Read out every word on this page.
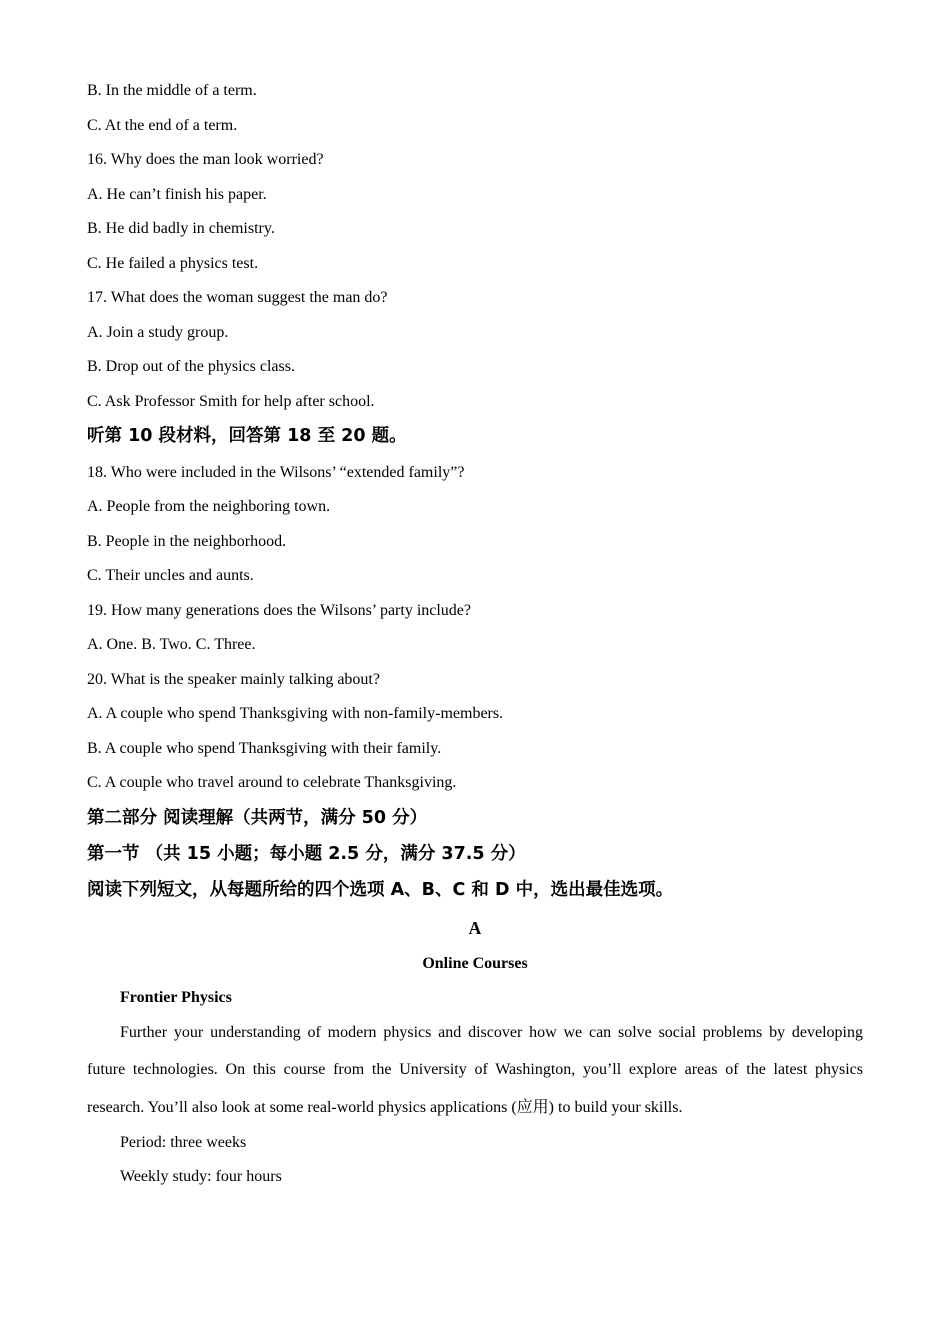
B. In the middle of a term.
C. At the end of a term.
16. Why does the man look worried?
A. He can’t finish his paper.
B. He did badly in chemistry.
C. He failed a physics test.
17. What does the woman suggest the man do?
A. Join a study group.
B. Drop out of the physics class.
C. Ask Professor Smith for help after school.
听第 10 段材料，回答第 18 至 20 题。
18. Who were included in the Wilsons’ “extended family”?
A. People from the neighboring town.
B. People in the neighborhood.
C. Their uncles and aunts.
19. How many generations does the Wilsons’ party include?
A. One. B. Two. C. Three.
20. What is the speaker mainly talking about?
A. A couple who spend Thanksgiving with non-family-members.
B. A couple who spend Thanksgiving with their family.
C. A couple who travel around to celebrate Thanksgiving.
第二部分 阅读理解（共两节，满分 50 分）
第一节 （共 15 小题；每小题 2.5 分，满分 37.5 分）
阅读下列短文，从每题所给的四个选项 A、B、C 和 D 中，选出最佳选项。
A
Online Courses
Frontier Physics
Further your understanding of modern physics and discover how we can solve social problems by developing
future technologies. On this course from the University of Washington, you’ll explore areas of the latest physics
research. You’ll also look at some real-world physics applications (应用) to build your skills.
Period: three weeks
Weekly study: four hours
